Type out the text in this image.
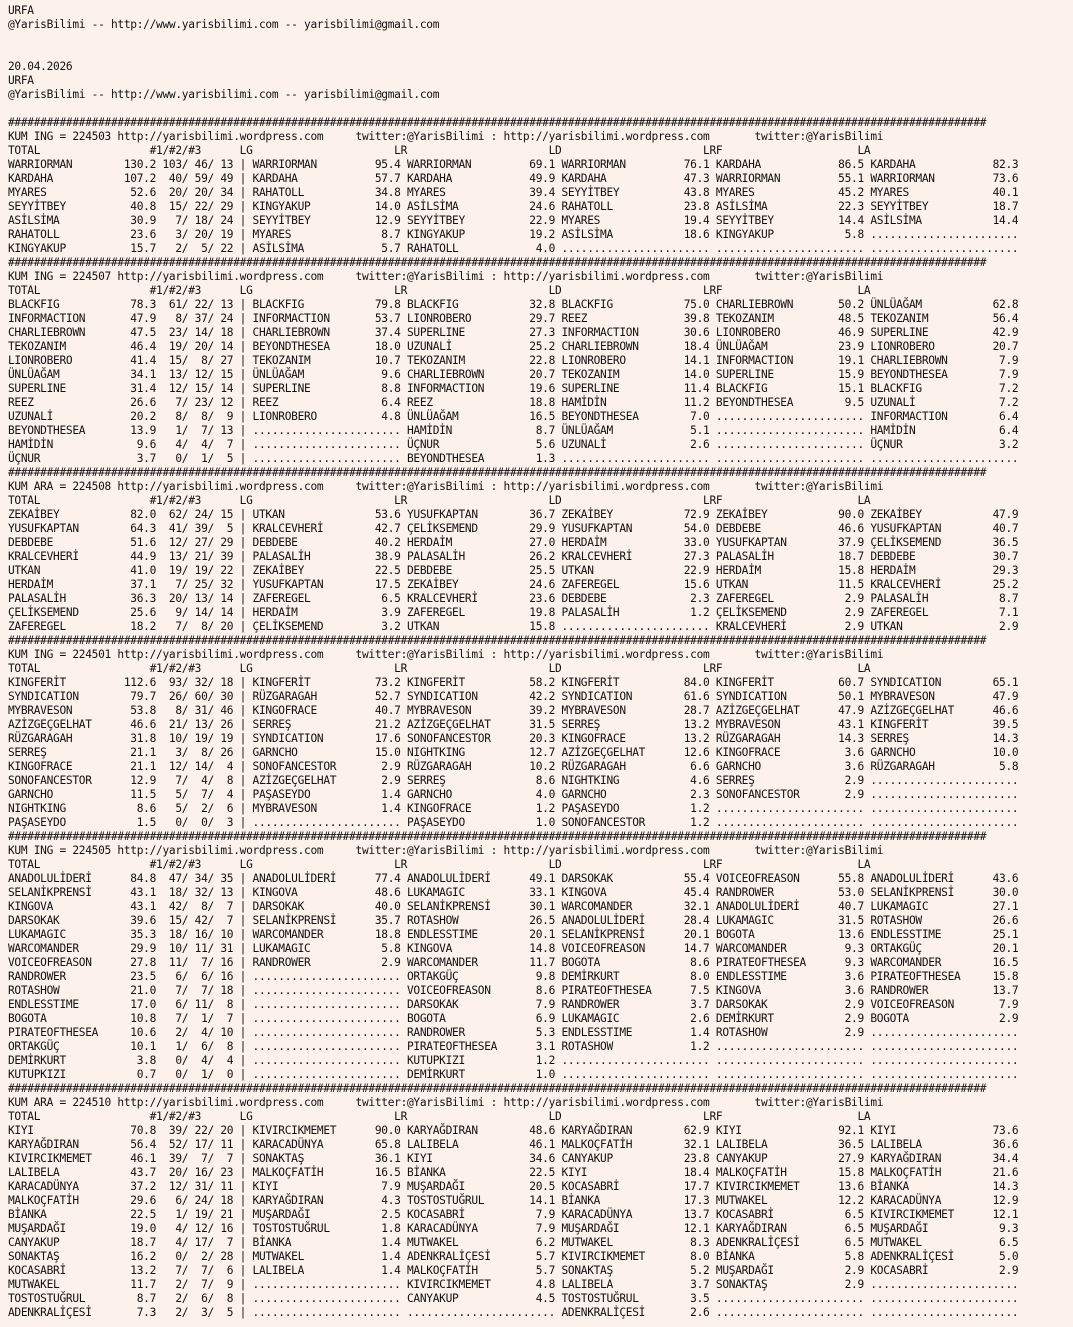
URFA
@YarisBilimi -- http://www.yarisbilimi.com -- yarisbilimi@gmail.com

20.04.2026
URFA
@YarisBilimi -- http://www.yarisbilimi.com -- yarisbilimi@gmail.com

########################################################################################################################################################
KUM ING = 224503 http://yarisbilimi.wordpress.com     twitter:@YarisBilimi : http://yarisbilimi.wordpress.com       twitter:@YarisBilimi
TOTAL                 #1/#2/#3      LG                      LR                      LD                      LRF                     LA
WARRIORMAN        130.2 103/ 46/ 13 | WARRIORMAN         95.4 WARRIORMAN         69.1 WARRIORMAN         76.1 KARDAHA            86.5 KARDAHA            82.3
KARDAHA           107.2  40/ 59/ 49 | KARDAHA            57.7 KARDAHA            49.9 KARDAHA            47.3 WARRIORMAN         55.1 WARRIORMAN         73.6
MYARES             52.6  20/ 20/ 34 | RAHATOLL           34.8 MYARES             39.4 SEYYİTBEY          43.8 MYARES             45.2 MYARES             40.1
SEYYİTBEY          40.8  15/ 22/ 29 | KINGYAKUP          14.0 ASİLSİMA           24.6 RAHATOLL           23.8 ASİLSİMA           22.3 SEYYİTBEY          18.7
ASİLSİMA           30.9   7/ 18/ 24 | SEYYİTBEY          12.9 SEYYİTBEY          22.9 MYARES             19.4 SEYYİTBEY          14.4 ASİLSİMA           14.4
RAHATOLL           23.6   3/ 20/ 19 | MYARES              8.7 KINGYAKUP          19.2 ASİLSİMA           18.6 KINGYAKUP           5.8 .......................
KINGYAKUP          15.7   2/  5/ 22 | ASİLSİMA            5.7 RAHATOLL            4.0 ....................... ....................... .......................
########################################################################################################################################################
KUM ING = 224507 http://yarisbilimi.wordpress.com     twitter:@YarisBilimi : http://yarisbilimi.wordpress.com       twitter:@YarisBilimi
TOTAL                 #1/#2/#3      LG                      LR                      LD                      LRF                     LA
BLACKFIG           78.3  61/ 22/ 13 | BLACKFIG           79.8 BLACKFIG           32.8 BLACKFIG           75.0 CHARLIEBROWN       50.2 ÜNLÜAĞAM           62.8
INFORMACTION       47.9   8/ 37/ 24 | INFORMACTION       53.7 LIONROBERO         29.7 REEZ               39.8 TEKOZANIM          48.5 TEKOZANIM          56.4
CHARLIEBROWN       47.5  23/ 14/ 18 | CHARLIEBROWN       37.4 SUPERLINE          27.3 INFORMACTION       30.6 LIONROBERO         46.9 SUPERLINE          42.9
TEKOZANIM          46.4  19/ 20/ 14 | BEYONDTHESEA       18.0 UZUNALİ            25.2 CHARLIEBROWN       18.4 ÜNLÜAĞAM           23.9 LIONROBERO         20.7
LIONROBERO         41.4  15/  8/ 27 | TEKOZANIM          10.7 TEKOZANIM          22.8 LIONROBERO         14.1 INFORMACTION       19.1 CHARLIEBROWN        7.9
ÜNLÜAĞAM           34.1  13/ 12/ 15 | ÜNLÜAĞAM            9.6 CHARLIEBROWN       20.7 TEKOZANIM          14.0 SUPERLINE          15.9 BEYONDTHESEA        7.9
SUPERLINE          31.4  12/ 15/ 14 | SUPERLINE           8.8 INFORMACTION       19.6 SUPERLINE          11.4 BLACKFIG           15.1 BLACKFIG            7.2
REEZ               26.6   7/ 23/ 12 | REEZ                6.4 REEZ               18.8 HAMİDİN            11.2 BEYONDTHESEA        9.5 UZUNALİ             7.2
UZUNALİ            20.2   8/  8/  9 | LIONROBERO          4.8 ÜNLÜAĞAM           16.5 BEYONDTHESEA        7.0 ....................... INFORMACTION        6.4
BEYONDTHESEA       13.9   1/  7/ 13 | ....................... HAMİDİN             8.7 ÜNLÜAĞAM            5.1 ....................... HAMİDİN             6.4
HAMİDİN             9.6   4/  4/  7 | ....................... ÜÇNUR               5.6 UZUNALİ             2.6 ....................... ÜÇNUR               3.2
ÜÇNUR               3.7   0/  1/  5 | ....................... BEYONDTHESEA        1.3 ....................... ....................... .......................
########################################################################################################################################################
KUM ARA = 224508 http://yarisbilimi.wordpress.com     twitter:@YarisBilimi : http://yarisbilimi.wordpress.com       twitter:@YarisBilimi
TOTAL                 #1/#2/#3      LG                      LR                      LD                      LRF                     LA
ZEKAİBEY           82.0  62/ 24/ 15 | UTKAN              53.6 YUSUFKAPTAN        36.7 ZEKAİBEY           72.9 ZEKAİBEY           90.0 ZEKAİBEY           47.9
YUSUFKAPTAN        64.3  41/ 39/  5 | KRALCEVHERİ        42.7 ÇELİKSEMEND        29.9 YUSUFKAPTAN        54.0 DEBDEBE            46.6 YUSUFKAPTAN        40.7
DEBDEBE            51.6  12/ 27/ 29 | DEBDEBE            40.2 HERDAİM            27.0 HERDAİM            33.0 YUSUFKAPTAN        37.9 ÇELİKSEMEND        36.5
KRALCEVHERİ        44.9  13/ 21/ 39 | PALASALİH          38.9 PALASALİH          26.2 KRALCEVHERİ        27.3 PALASALİH          18.7 DEBDEBE            30.7
UTKAN              41.0  19/ 19/ 22 | ZEKAİBEY           22.5 DEBDEBE            25.5 UTKAN              22.9 HERDAİM            15.8 HERDAİM            29.3
HERDAİM            37.1   7/ 25/ 32 | YUSUFKAPTAN        17.5 ZEKAİBEY           24.6 ZAFEREGEL          15.6 UTKAN              11.5 KRALCEVHERİ        25.2
PALASALİH          36.3  20/ 13/ 14 | ZAFEREGEL           6.5 KRALCEVHERİ        23.6 DEBDEBE             2.3 ZAFEREGEL           2.9 PALASALİH           8.7
ÇELİKSEMEND        25.6   9/ 14/ 14 | HERDAİM             3.9 ZAFEREGEL          19.8 PALASALİH           1.2 ÇELİKSEMEND         2.9 ZAFEREGEL           7.1
ZAFEREGEL          18.2   7/  8/ 20 | ÇELİKSEMEND         3.2 UTKAN              15.8 ....................... KRALCEVHERİ         2.9 UTKAN               2.9
########################################################################################################################################################
KUM ING = 224501 http://yarisbilimi.wordpress.com     twitter:@YarisBilimi : http://yarisbilimi.wordpress.com       twitter:@YarisBilimi
TOTAL                 #1/#2/#3      LG                      LR                      LD                      LRF                     LA
KINGFERİT         112.6  93/ 32/ 18 | KINGFERİT          73.2 KINGFERİT          58.2 KINGFERİT          84.0 KINGFERİT          60.7 SYNDICATION        65.1
SYNDICATION        79.7  26/ 60/ 30 | RÜZGARAGAH         52.7 SYNDICATION        42.2 SYNDICATION        61.6 SYNDICATION        50.1 MYBRAVESON         47.9
MYBRAVESON         53.8   8/ 31/ 46 | KINGOFRACE         40.7 MYBRAVESON         39.2 MYBRAVESON         28.7 AZİZGEÇGELHAT      47.9 AZİZGEÇGELHAT      46.6
AZİZGEÇGELHAT      46.6  21/ 13/ 26 | SERREŞ             21.2 AZİZGEÇGELHAT      31.5 SERREŞ             13.2 MYBRAVESON         43.1 KINGFERİT          39.5
RÜZGARAGAH         31.8  10/ 19/ 19 | SYNDICATION        17.6 SONOFANCESTOR      20.3 KINGOFRACE         13.2 RÜZGARAGAH         14.3 SERREŞ             14.3
SERREŞ             21.1   3/  8/ 26 | GARNCHO            15.0 NIGHTKING          12.7 AZİZGEÇGELHAT      12.6 KINGOFRACE          3.6 GARNCHO            10.0
KINGOFRACE         21.1  12/ 14/  4 | SONOFANCESTOR       2.9 RÜZGARAGAH         10.2 RÜZGARAGAH          6.6 GARNCHO             3.6 RÜZGARAGAH          5.8
SONOFANCESTOR      12.9   7/  4/  8 | AZİZGEÇGELHAT       2.9 SERREŞ              8.6 NIGHTKING           4.6 SERREŞ              2.9 .......................
GARNCHO            11.5   5/  7/  4 | PAŞASEYDO           1.4 GARNCHO             4.0 GARNCHO             2.3 SONOFANCESTOR       2.9 .......................
NIGHTKING           8.6   5/  2/  6 | MYBRAVESON          1.4 KINGOFRACE          1.2 PAŞASEYDO           1.2 ....................... .......................
PAŞASEYDO           1.5   0/  0/  3 | ....................... PAŞASEYDO           1.0 SONOFANCESTOR       1.2 ....................... .......................
########################################################################################################################################################
KUM ING = 224505 http://yarisbilimi.wordpress.com     twitter:@YarisBilimi : http://yarisbilimi.wordpress.com       twitter:@YarisBilimi
TOTAL                 #1/#2/#3      LG                      LR                      LD                      LRF                     LA
ANADOLULİDERİ      84.8  47/ 34/ 35 | ANADOLULİDERİ      77.4 ANADOLULİDERİ      49.1 DARSOKAK           55.4 VOICEOFREASON      55.8 ANADOLULİDERİ      43.6
SELANİKPRENSİ      43.1  18/ 32/ 13 | KINGOVA            48.6 LUKAMAGIC          33.1 KINGOVA            45.4 RANDROWER          53.0 SELANİKPRENSİ      30.0
KINGOVA            43.1  42/  8/  7 | DARSOKAK           40.0 SELANİKPRENSİ      30.1 WARCOMANDER        32.1 ANADOLULİDERİ      40.7 LUKAMAGIC          27.1
DARSOKAK           39.6  15/ 42/  7 | SELANİKPRENSİ      35.7 ROTASHOW           26.5 ANADOLULİDERİ      28.4 LUKAMAGIC          31.5 ROTASHOW           26.6
LUKAMAGIC          35.3  18/ 16/ 10 | WARCOMANDER        18.8 ENDLESSTIME        20.1 SELANİKPRENSİ      20.1 BOGOTA             13.6 ENDLESSTIME        25.1
WARCOMANDER        29.9  10/ 11/ 31 | LUKAMAGIC           5.8 KINGOVA            14.8 VOICEOFREASON      14.7 WARCOMANDER         9.3 ORTAKGÜÇ           20.1
VOICEOFREASON      27.8  11/  7/ 16 | RANDROWER           2.9 WARCOMANDER        11.7 BOGOTA              8.6 PIRATEOFTHESEA      9.3 WARCOMANDER        16.5
RANDROWER          23.5   6/  6/ 16 | ....................... ORTAKGÜÇ            9.8 DEMİRKURT           8.0 ENDLESSTIME         3.6 PIRATEOFTHESEA     15.8
ROTASHOW           21.0   7/  7/ 18 | ....................... VOICEOFREASON       8.6 PIRATEOFTHESEA      7.5 KINGOVA             3.6 RANDROWER          13.7
ENDLESSTIME        17.0   6/ 11/  8 | ....................... DARSOKAK            7.9 RANDROWER           3.7 DARSOKAK            2.9 VOICEOFREASON       7.9
BOGOTA             10.8   7/  1/  7 | ....................... BOGOTA              6.9 LUKAMAGIC           2.6 DEMİRKURT           2.9 BOGOTA              2.9
PIRATEOFTHESEA     10.6   2/  4/ 10 | ....................... RANDROWER           5.3 ENDLESSTIME         1.4 ROTASHOW            2.9 .......................
ORTAKGÜÇ           10.1   1/  6/  8 | ....................... PIRATEOFTHESEA      3.1 ROTASHOW            1.2 ....................... .......................
DEMİRKURT           3.8   0/  4/  4 | ....................... KUTUPKIZI           1.2 ....................... ....................... .......................
KUTUPKIZI           0.7   0/  1/  0 | ....................... DEMİRKURT           1.0 ....................... ....................... .......................
########################################################################################################################################################
KUM ARA = 224510 http://yarisbilimi.wordpress.com     twitter:@YarisBilimi : http://yarisbilimi.wordpress.com       twitter:@YarisBilimi
TOTAL                 #1/#2/#3      LG                      LR                      LD                      LRF                     LA
KIYI               70.8  39/ 22/ 20 | KIVIRCIKMEMET      90.0 KARYAĞDIRAN        48.6 KARYAĞDIRAN        62.9 KIYI               92.1 KIYI               73.6
KARYAĞDIRAN        56.4  52/ 17/ 11 | KARACADÜNYA        65.8 LALIBELA           46.1 MALKOÇFATİH        32.1 LALIBELA           36.5 LALIBELA           36.6
KIVIRCIKMEMET      46.1  39/  7/  7 | SONAKTAŞ           36.1 KIYI               34.6 CANYAKUP           23.8 CANYAKUP           27.9 KARYAĞDIRAN        34.4
LALIBELA           43.7  20/ 16/ 23 | MALKOÇFATİH        16.5 BİANKA             22.5 KIYI               18.4 MALKOÇFATİH        15.8 MALKOÇFATİH        21.6
KARACADÜNYA        37.2  12/ 31/ 11 | KIYI                7.9 MUŞARDAĞI          20.5 KOCASABRİ          17.7 KIVIRCIKMEMET      13.6 BİANKA             14.3
MALKOÇFATİH        29.6   6/ 24/ 18 | KARYAĞDIRAN         4.3 TOSTOSTUĞRUL       14.1 BİANKA             17.3 MUTWAKEL           12.2 KARACADÜNYA        12.9
BİANKA             22.5   1/ 19/ 21 | MUŞARDAĞI           2.5 KOCASABRİ           7.9 KARACADÜNYA        13.7 KOCASABRİ           6.5 KIVIRCIKMEMET      12.1
MUŞARDAĞI          19.0   4/ 12/ 16 | TOSTOSTUĞRUL        1.8 KARACADÜNYA         7.9 MUŞARDAĞI          12.1 KARYAĞDIRAN         6.5 MUŞARDAĞI           9.3
CANYAKUP           18.7   4/ 17/  7 | BİANKA              1.4 MUTWAKEL            6.2 MUTWAKEL            8.3 ADENKRALİÇESİ       6.5 MUTWAKEL            6.5
SONAKTAŞ           16.2   0/  2/ 28 | MUTWAKEL            1.4 ADENKRALİÇESİ       5.7 KIVIRCIKMEMET       8.0 BİANKA              5.8 ADENKRALİÇESİ       5.0
KOCASABRİ          13.2   7/  7/  6 | LALIBELA            1.4 MALKOÇFATİH         5.7 SONAKTAŞ            5.2 MUŞARDAĞI           2.9 KOCASABRİ           2.9
MUTWAKEL           11.7   2/  7/  9 | ....................... KIVIRCIKMEMET       4.8 LALIBELA            3.7 SONAKTAŞ            2.9 .......................
TOSTOSTUĞRUL        8.7   2/  6/  8 | ....................... CANYAKUP            4.5 TOSTOSTUĞRUL        3.5 ....................... .......................
ADENKRALİÇESİ       7.3   2/  3/  5 | ....................... ....................... ADENKRALİÇESİ       2.6 ....................... .......................
